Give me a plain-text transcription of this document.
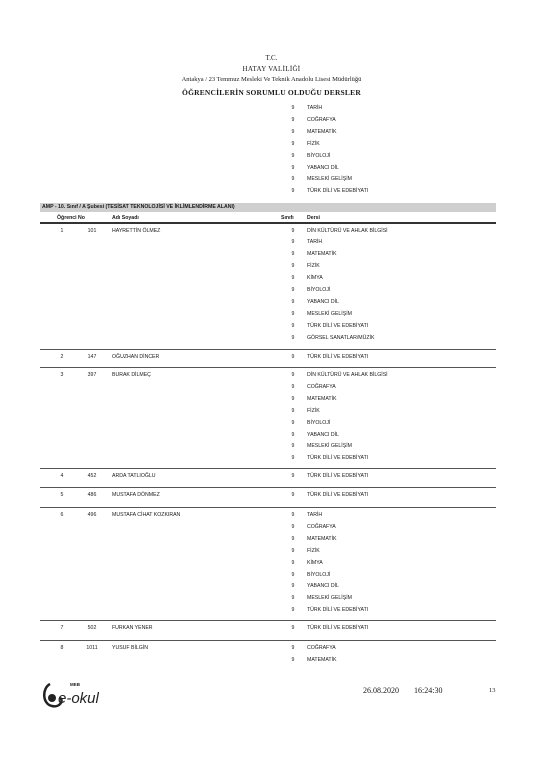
T.C.
HATAY VALİLİĞİ
Antakya / 23 Temmuz Mesleki Ve Teknik Anadolu Lisesi Müdürlüğü
ÖĞRENCİLERİN SORUMLU OLDUĞU DERSLER
9	TARİH
9	COĞRAFYA
9	MATEMATİK
9	FİZİK
9	BİYOLOJİ
9	YABANCI DİL
9	MESLEKİ GELİŞİM
9	TÜRK DİLİ VE EDEBİYATI
AMP - 10. Sınıf / A Şubesi (TESİSAT TEKNOLOJİSİ VE İKLİMLENDİRME ALANI)
Öğrenci No	Adı Soyadı	Sınıfı	Dersi
1	101	HAYRETTİN ÖLMEZ	9	DİN KÜLTÜRÜ VE AHLAK BİLGİSİ
9	TARİH
9	MATEMATİK
9	FİZİK
9	KİMYA
9	BİYOLOJİ
9	YABANCI DİL
9	MESLEKİ GELİŞİM
9	TÜRK DİLİ VE EDEBİYATI
9	GÖRSEL SANATLAR/MÜZİK
2	147	OĞUZHAN DİNCER	9	TÜRK DİLİ VE EDEBİYATI
3	397	BURAK DİLMEÇ	9	DİN KÜLTÜRÜ VE AHLAK BİLGİSİ
9	COĞRAFYA
9	MATEMATİK
9	FİZİK
9	BİYOLOJİ
9	YABANCI DİL
9	MESLEKİ GELİŞİM
9	TÜRK DİLİ VE EDEBİYATI
4	452	ARDA TATLIOĞLU	9	TÜRK DİLİ VE EDEBİYATI
5	486	MUSTAFA DÖNMEZ	9	TÜRK DİLİ VE EDEBİYATI
6	496	MUSTAFA CİHAT KOZKIRAN	9	TARİH
9	COĞRAFYA
9	MATEMATİK
9	FİZİK
9	KİMYA
9	BİYOLOJİ
9	YABANCI DİL
9	MESLEKİ GELİŞİM
9	TÜRK DİLİ VE EDEBİYATI
7	502	FURKAN YENER	9	TÜRK DİLİ VE EDEBİYATI
8	1011	YUSUF BİLGİN	9	COĞRAFYA
9	MATEMATİK
MEB
e-okul	26.08.2020 16:24:30	13
